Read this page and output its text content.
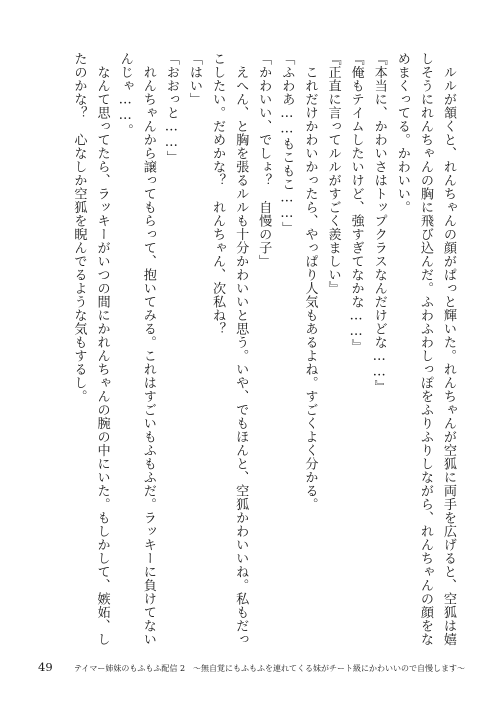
　ルルが頷くと、れんちゃんの顔がぱっと輝いた。れんちゃんが空狐に両手を広げると、空狐は嬉
しそうにれんちゃんの胸に飛び込んだ。ふわふわしっぽをふりふりしながら、れんちゃんの顔をな
めまくってる。かわいい。
『本当に、かわいさはトップクラスなんだけどな……』
『俺もテイムしたいけど、強すぎてなかな……』
『正直に言ってルルがすごく羨ましい』
　これだけかわいかったら、やっぱり人気もあるよね。すごくよく分かる。
「ふわあ……もこもこ……」
「かわいい、でしょ？　自慢の子」
　えへん、と胸を張るルルも十分かわいいと思う。いや、でもほんと、空狐かわいいね。私もだっ
こしたい。だめかな？　れんちゃん、次私ね？
「はい」
「おおっと……」
　れんちゃんから譲ってもらって、抱いてみる。これはすごいもふもふだ。ラッキーに負けてない
んじゃ……。
　なんて思ってたら、ラッキーがいつの間にかれんちゃんの腕の中にいた。もしかして、嫉妬、し
たのかな？　心なしか空狐を睨んでるような気もするし。
49	テイマー姉妹のもふもふ配信 2　～無自覚にもふもふを連れてくる妹がチート級にかわいいので自慢します～
